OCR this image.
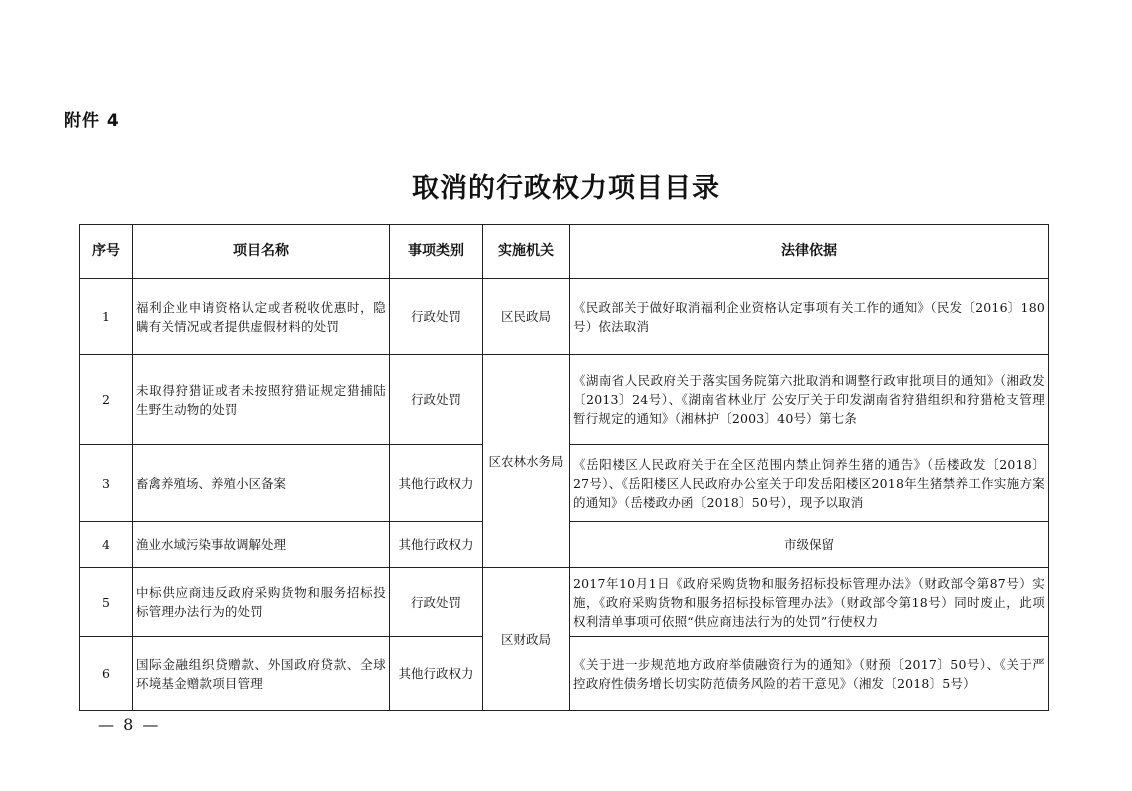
附件 4
取消的行政权力项目目录
序号	项目名称	事项类别	实施机关	法律依据
1	福利企业申请资格认定或者税收优惠时，隐瞒有关情况或者提供虚假材料的处罚	行政处罚	区民政局	《民政部关于做好取消福利企业资格认定事项有关工作的通知》（民发〔2016〕180号）依法取消
2	未取得狩猎证或者未按照狩猎证规定猎捕陆生野生动物的处罚	行政处罚	区农林水务局	《湖南省人民政府关于落实国务院第六批取消和调整行政审批项目的通知》（湘政发〔2013〕24号）、《湖南省林业厅 公安厅关于印发湖南省狩猎组织和狩猎枪支管理暂行规定的通知》（湘林护〔2003〕40号）第七条
3	畜禽养殖场、养殖小区备案	其他行政权力		《岳阳楼区人民政府关于在全区范围内禁止饲养生猪的通告》（岳楼政发〔2018〕27号）、《岳阳楼区人民政府办公室关于印发岳阳楼区2018年生猪禁养工作实施方案的通知》（岳楼政办函〔2018〕50号），现予以取消
4	渔业水域污染事故调解处理	其他行政权力		市级保留
5	中标供应商违反政府采购货物和服务招标投标管理办法行为的处罚	行政处罚	区财政局	2017年10月1日《政府采购货物和服务招标投标管理办法》（财政部令第87号）实施，《政府采购货物和服务招标投标管理办法》（财政部令第18号）同时废止，此项权利清单事项可依照“供应商违法行为的处罚”行使权力
6	国际金融组织贷赠款、外国政府贷款、全球环境基金赠款项目管理	其他行政权力		《关于进一步规范地方政府举债融资行为的通知》（财预〔2017〕50号）、《关于严控政府性债务增长切实防范债务风险的若干意见》（湘发〔2018〕5号）
— 8 —
